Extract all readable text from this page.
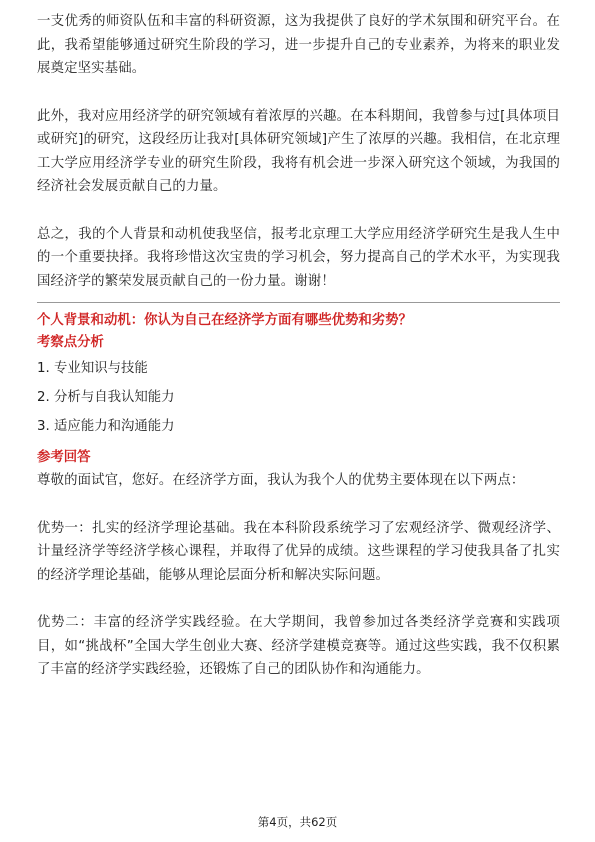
一支优秀的师资队伍和丰富的科研资源，这为我提供了良好的学术氛围和研究平台。在此，我希望能够通过研究生阶段的学习，进一步提升自己的专业素养，为将来的职业发展奠定坚实基础。

此外，我对应用经济学的研究领域有着浓厚的兴趣。在本科期间，我曾参与过[具体项目或研究]的研究，这段经历让我对[具体研究领域]产生了浓厚的兴趣。我相信，在北京理工大学应用经济学专业的研究生阶段，我将有机会进一步深入研究这个领域，为我国的经济社会发展贡献自己的力量。

总之，我的个人背景和动机使我坚信，报考北京理工大学应用经济学研究生是我人生中的一个重要抉择。我将珍惜这次宝贵的学习机会，努力提高自己的学术水平，为实现我国经济学的繁荣发展贡献自己的一份力量。谢谢！

个人背景和动机：你认为自己在经济学方面有哪些优势和劣势？

考察点分析

1. 专业知识与技能
2. 分析与自我认知能力
3. 适应能力和沟通能力

参考回答

尊敬的面试官，您好。在经济学方面，我认为我个人的优势主要体现在以下两点：

优势一：扎实的经济学理论基础。我在本科阶段系统学习了宏观经济学、微观经济学、计量经济学等经济学核心课程，并取得了优异的成绩。这些课程的学习使我具备了扎实的经济学理论基础，能够从理论层面分析和解决实际问题。

优势二：丰富的经济学实践经验。在大学期间，我曾参加过各类经济学竞赛和实践项目，如“挑战杯”全国大学生创业大赛、经济学建模竞赛等。通过这些实践，我不仅积累了丰富的经济学实践经验，还锻炼了自己的团队协作和沟通能力。

第4页，共62页
